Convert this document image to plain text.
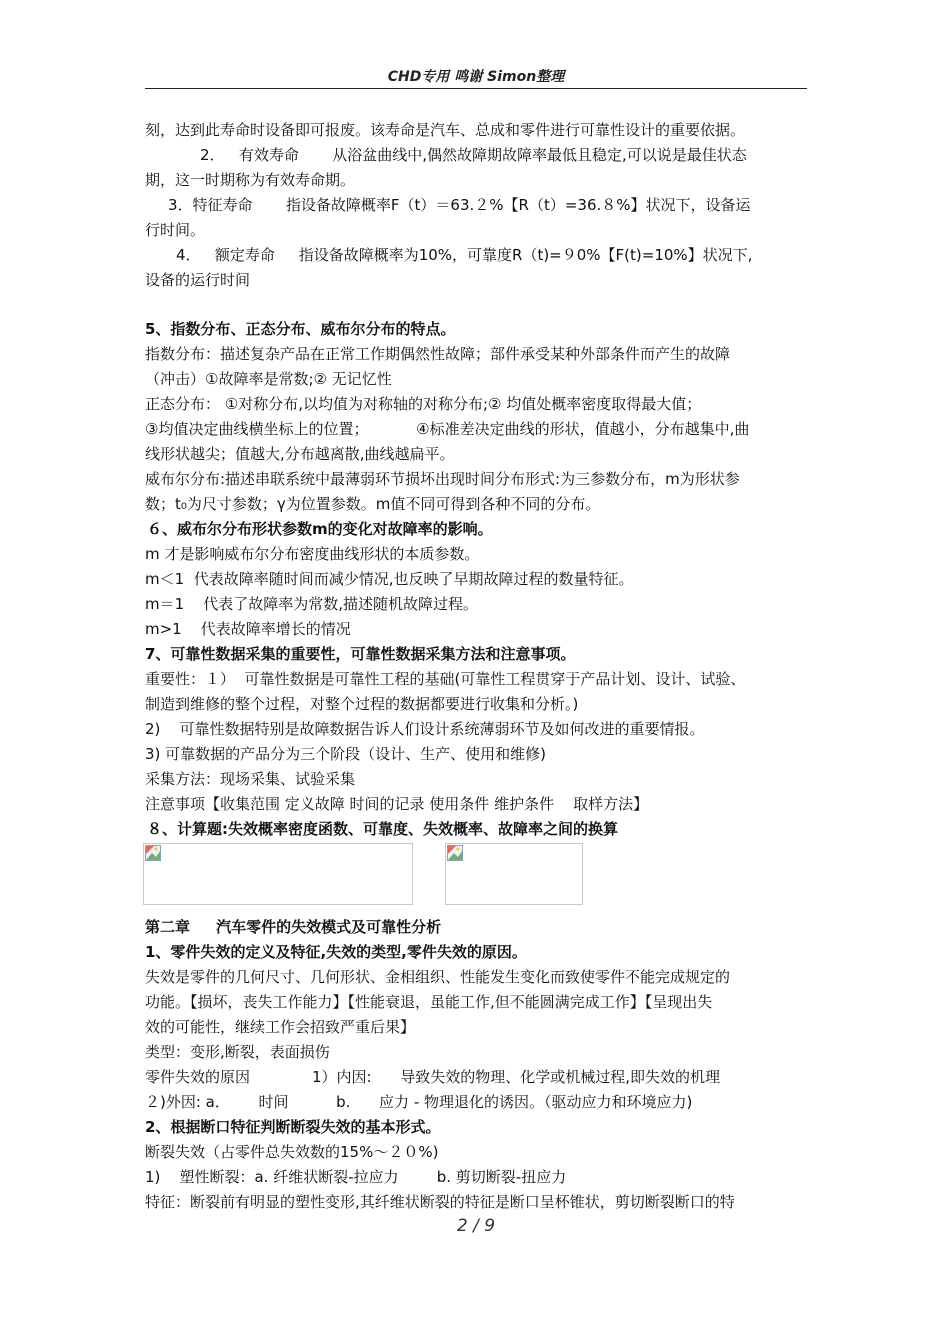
CHD专用 鸣谢 Simon整理
刻，达到此寿命时设备即可报废。该寿命是汽车、总成和零件进行可靠性设计的重要依据。
2．   有效寿命       从浴盆曲线中,偶然故障期故障率最低且稳定,可以说是最佳状态
期，这一时期称为有效寿命期。
3．特征寿命       指设备故障概率F（t）＝63.２%【R（t）=36.８%】状况下，设备运
行时间。
4．   额定寿命     指设备故障概率为10%，可靠度R（t)=９0%【F(t)=10%】状况下,
设备的运行时间
5、指数分布、正态分布、威布尔分布的特点。
指数分布：描述复杂产品在正常工作期偶然性故障；部件承受某种外部条件而产生的故障
（冲击）①故障率是常数;② 无记忆性
正态分布： ①对称分布,以均值为对称轴的对称分布;② 均值处概率密度取得最大值；
③均值决定曲线横坐标上的位置；          ④标准差决定曲线的形状，值越小，分布越集中,曲
线形状越尖；值越大,分布越离散,曲线越扁平。
威布尔分布:描述串联系统中最薄弱环节损坏出现时间分布形式:为三参数分布，m为形状参
数；t₀为尺寸参数；γ为位置参数。m值不同可得到各种不同的分布。
６、威布尔分布形状参数m的变化对故障率的影响。
m 才是影响威布尔分布密度曲线形状的本质参数。
m＜1  代表故障率随时间而减少情况,也反映了早期故障过程的数量特征。
m＝1    代表了故障率为常数,描述随机故障过程。
m>1    代表故障率增长的情况
7、可靠性数据采集的重要性，可靠性数据采集方法和注意事项。
重要性：１）  可靠性数据是可靠性工程的基础(可靠性工程贯穿于产品计划、设计、试验、
制造到维修的整个过程，对整个过程的数据都要进行收集和分析。)
2)    可靠性数据特别是故障数据告诉人们设计系统薄弱环节及如何改进的重要情报。
3) 可靠数据的产品分为三个阶段（设计、生产、使用和维修)
采集方法：现场采集、试验采集
注意事项【收集范围 定义故障 时间的记录 使用条件 维护条件    取样方法】
８、计算题:失效概率密度函数、可靠度、失效概率、故障率之间的换算
第二章     汽车零件的失效模式及可靠性分析
1、零件失效的定义及特征,失效的类型,零件失效的原因。
失效是零件的几何尺寸、几何形状、金相组织、性能发生变化而致使零件不能完成规定的
功能。【损坏，丧失工作能力】【性能衰退，虽能工作,但不能圆满完成工作】【呈现出失
效的可能性，继续工作会招致严重后果】
类型：变形,断裂，表面损伤
零件失效的原因             1）内因:      导致失效的物理、化学或机械过程,即失效的机理
２)外因: a．      时间          b.      应力 - 物理退化的诱因。（驱动应力和环境应力)
2、根据断口特征判断断裂失效的基本形式。
断裂失效（占零件总失效数的15%～２０%)
1)    塑性断裂：a. 纤维状断裂-拉应力        b. 剪切断裂-扭应力
特征：断裂前有明显的塑性变形,其纤维状断裂的特征是断口呈杯锥状，剪切断裂断口的特
2 / 9
